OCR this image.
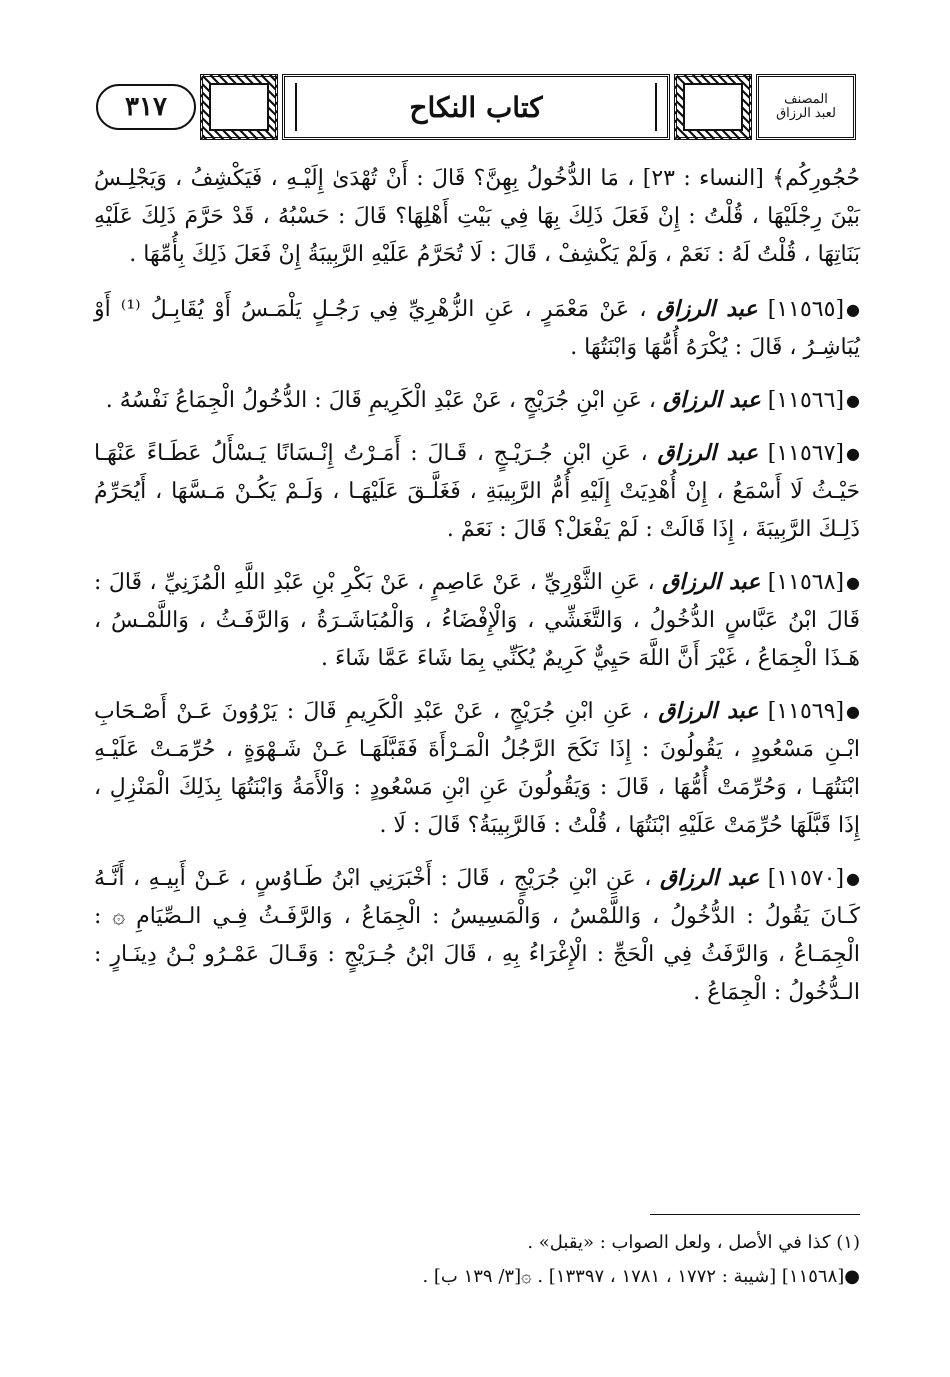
٣١٧	كتاب النكاح	المصنف
لعبد الرزاق

حُجُورِكُم﴾ [النساء : ٢٣] ، مَا الدُّخُولُ بِهِنَّ؟ قَالَ : أَنْ تُهْدَىٰ إِلَيْـهِ ، فَيَكْشِفُ ، وَيَجْلِـسُ بَيْنَ رِجْلَيْهَا ، قُلْتُ : إِنْ فَعَلَ ذَلِكَ بِهَا فِي بَيْتِ أَهْلِهَا؟ قَالَ : حَسْبُهُ ، قَدْ حَرَّمَ ذَلِكَ عَلَيْهِ بَنَاتِهَا ، قُلْتُ لَهُ : نَعَمْ ، وَلَمْ يَكْشِفْ ، قَالَ : لَا تُحَرَّمُ عَلَيْهِ الرَّبِيبَةُ إِنْ فَعَلَ ذَلِكَ بِأُمِّهَا .

●[١١٥٦٥] عبد الرزاق ، عَنْ مَعْمَرٍ ، عَنِ الزُّهْرِيِّ فِي رَجُـلٍ يَلْمَـسُ أَوْ يُقَابِـلُ ⁽¹⁾ أَوْ يُبَاشِـرُ ، قَالَ : يُكْرَهُ أُمُّهَا وَابْنَتُهَا .

●[١١٥٦٦] عبد الرزاق ، عَنِ ابْنِ جُرَيْجٍ ، عَنْ عَبْدِ الْكَرِيمِ قَالَ : الدُّخُولُ الْجِمَاعُ نَفْسُهُ .

●[١١٥٦٧] عبد الرزاق ، عَنِ ابْنِ جُـرَيْـجٍ ، قَـالَ : أَمَـرْتُ إِنْـسَانًا يَـسْأَلُ عَطَـاءً عَنْهَـا حَيْـثُ لَا أَسْمَعُ ، إِنْ أُهْدِيَتْ إِلَيْهِ أُمُّ الرَّبِيبَةِ ، فَغَلَّـقَ عَلَيْهَـا ، وَلَـمْ يَكُـنْ مَـسَّهَا ، أَيُحَرِّمُ ذَلِـكَ الرَّبِيبَةَ ، إِذَا قَالَتْ : لَمْ يَفْعَلْ؟ قَالَ : نَعَمْ .

●[١١٥٦٨] عبد الرزاق ، عَنِ الثَّوْرِيِّ ، عَنْ عَاصِمٍ ، عَنْ بَكْرِ بْنِ عَبْدِ اللَّهِ الْمُزَنِيِّ ، قَالَ : قَالَ ابْنُ عَبَّاسٍ الدُّخُولُ ، وَالتَّغَشِّي ، وَالْإِفْضَاءُ ، وَالْمُبَاشَـرَةُ ، وَالرَّفَـثُ ، وَاللَّمْـسُ ، هَـذَا الْجِمَاعُ ، غَيْرَ أَنَّ اللَّهَ حَيِيٌّ كَرِيمٌ يُكَنِّي بِمَا شَاءَ عَمَّا شَاءَ .

●[١١٥٦٩] عبد الرزاق ، عَنِ ابْنِ جُرَيْجٍ ، عَنْ عَبْدِ الْكَرِيمِ قَالَ : يَرْوُونَ عَـنْ أَصْـحَابِ ابْـنِ مَسْعُودٍ ، يَقُولُونَ : إِذَا نَكَحَ الرَّجُلُ الْمَـرْأَةَ فَقَبَّلَهَـا عَـنْ شَـهْوَةٍ ، حُرِّمَـتْ عَلَيْـهِ ابْنَتُهَـا ، وَحُرِّمَتْ أُمُّهَا ، قَالَ : وَيَقُولُونَ عَنِ ابْنِ مَسْعُودٍ : وَالْأَمَةُ وَابْنَتُهَا بِذَلِكَ الْمَنْزِلِ ، إِذَا قَبَّلَهَا حُرِّمَتْ عَلَيْهِ ابْنَتُهَا ، قُلْتُ : فَالرَّبِيبَةُ؟ قَالَ : لَا .

●[١١٥٧٠] عبد الرزاق ، عَنِ ابْنِ جُرَيْجٍ ، قَالَ : أَخْبَرَنِي ابْنُ طَـاوُسٍ ، عَـنْ أَبِيـهِ ، أَنَّـهُ كَـانَ يَقُولُ : الدُّخُولُ ، وَاللَّمْسُ ، وَالْمَسِيسُ : الْجِمَاعُ ، وَالرَّفَـثُ فِـي الـصِّيَامِ ۞ : الْجِمَـاعُ ، وَالرَّفَثُ فِي الْحَجِّ : الْإِغْرَاءُ بِهِ ، قَالَ ابْنُ جُـرَيْجٍ : وَقَـالَ عَمْـرُو بْـنُ دِينَـارٍ : الـدُّخُولُ : الْجِمَاعُ .

(١) كذا في الأصل ، ولعل الصواب : «يقبل» .
●[١١٥٦٨] [شيبة : ١٧٧٢ ، ١٧٨١ ، ١٣٣٩٧] . ۞[٣/ ١٣٩ ب] .
